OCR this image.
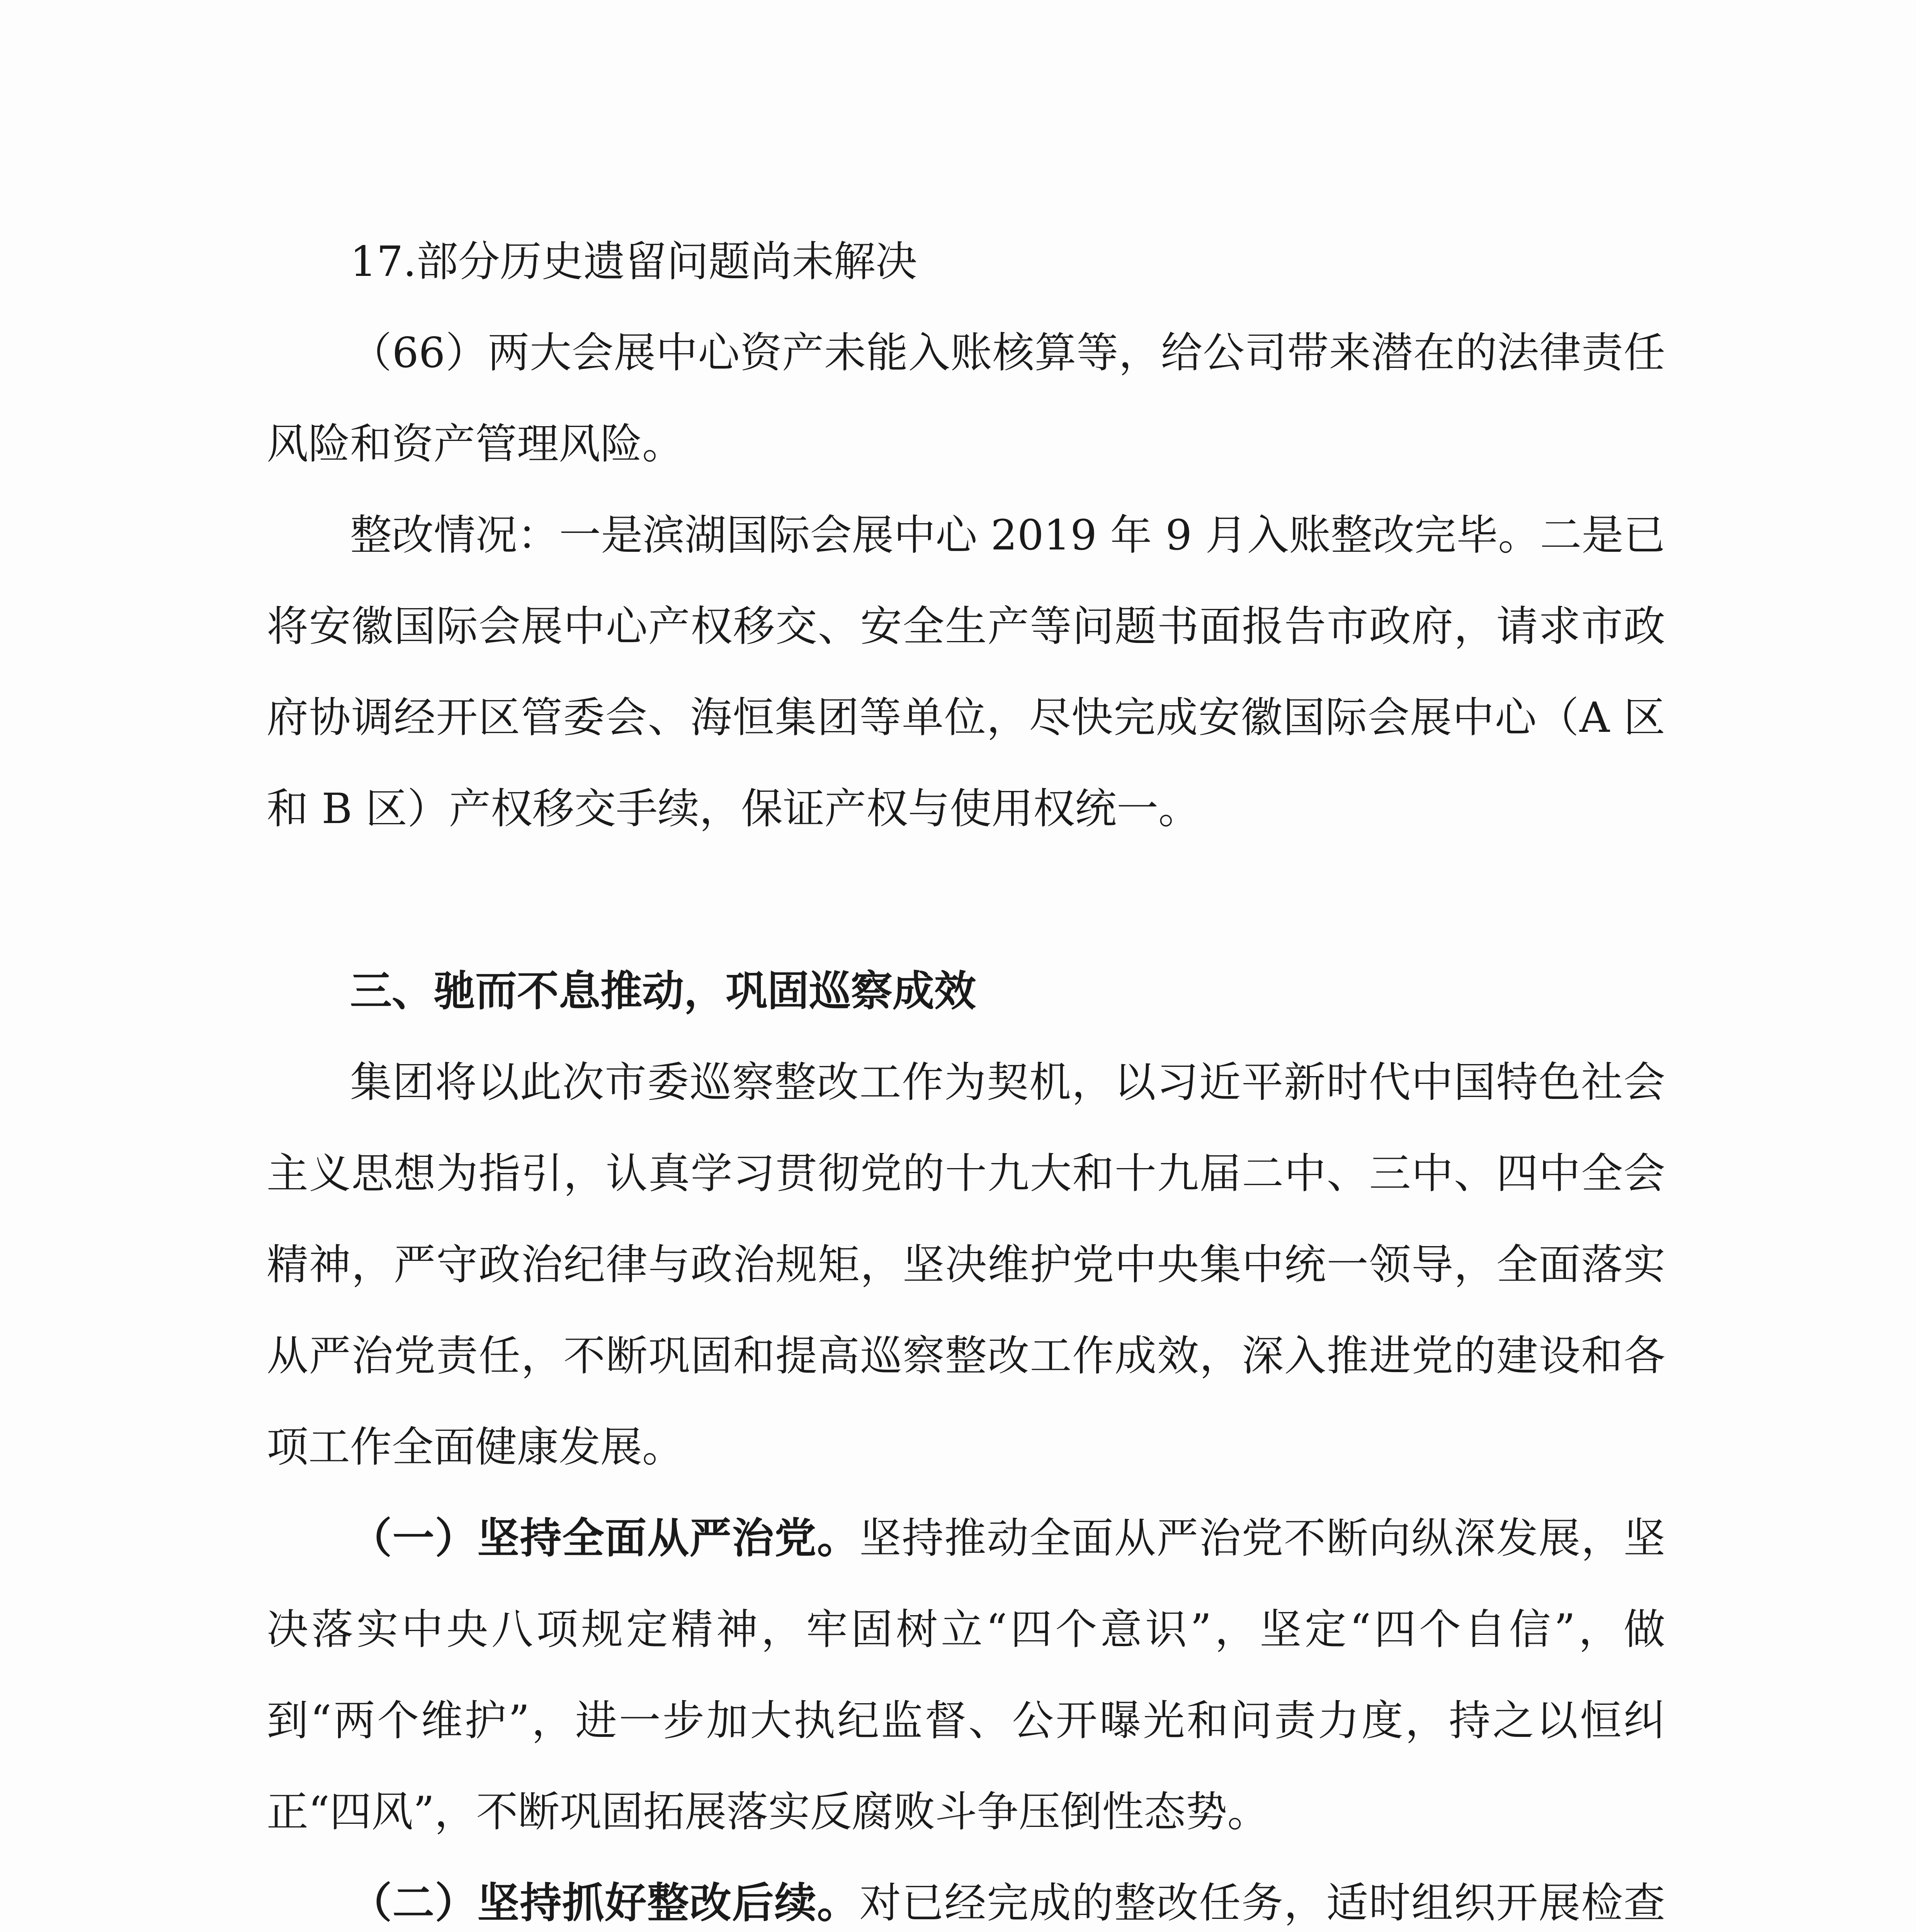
17.部分历史遗留问题尚未解决

（66）两大会展中心资产未能入账核算等，给公司带来潜在的法律责任风险和资产管理风险。

整改情况：一是滨湖国际会展中心 2019 年 9 月入账整改完毕。二是已将安徽国际会展中心产权移交、安全生产等问题书面报告市政府，请求市政府协调经开区管委会、海恒集团等单位，尽快完成安徽国际会展中心（A 区和 B 区）产权移交手续，保证产权与使用权统一。

三、驰而不息推动，巩固巡察成效

集团将以此次市委巡察整改工作为契机，以习近平新时代中国特色社会主义思想为指引，认真学习贯彻党的十九大和十九届二中、三中、四中全会精神，严守政治纪律与政治规矩，坚决维护党中央集中统一领导，全面落实从严治党责任，不断巩固和提高巡察整改工作成效，深入推进党的建设和各项工作全面健康发展。

（一）坚持全面从严治党。坚持推动全面从严治党不断向纵深发展，坚决落实中央八项规定精神，牢固树立“四个意识”，坚定“四个自信”，做到“两个维护”，进一步加大执纪监督、公开曝光和问责力度，持之以恒纠正“四风”，不断巩固拓展落实反腐败斗争压倒性态势。

（二）坚持抓好整改后续。对已经完成的整改任务，适时组织开展检查
